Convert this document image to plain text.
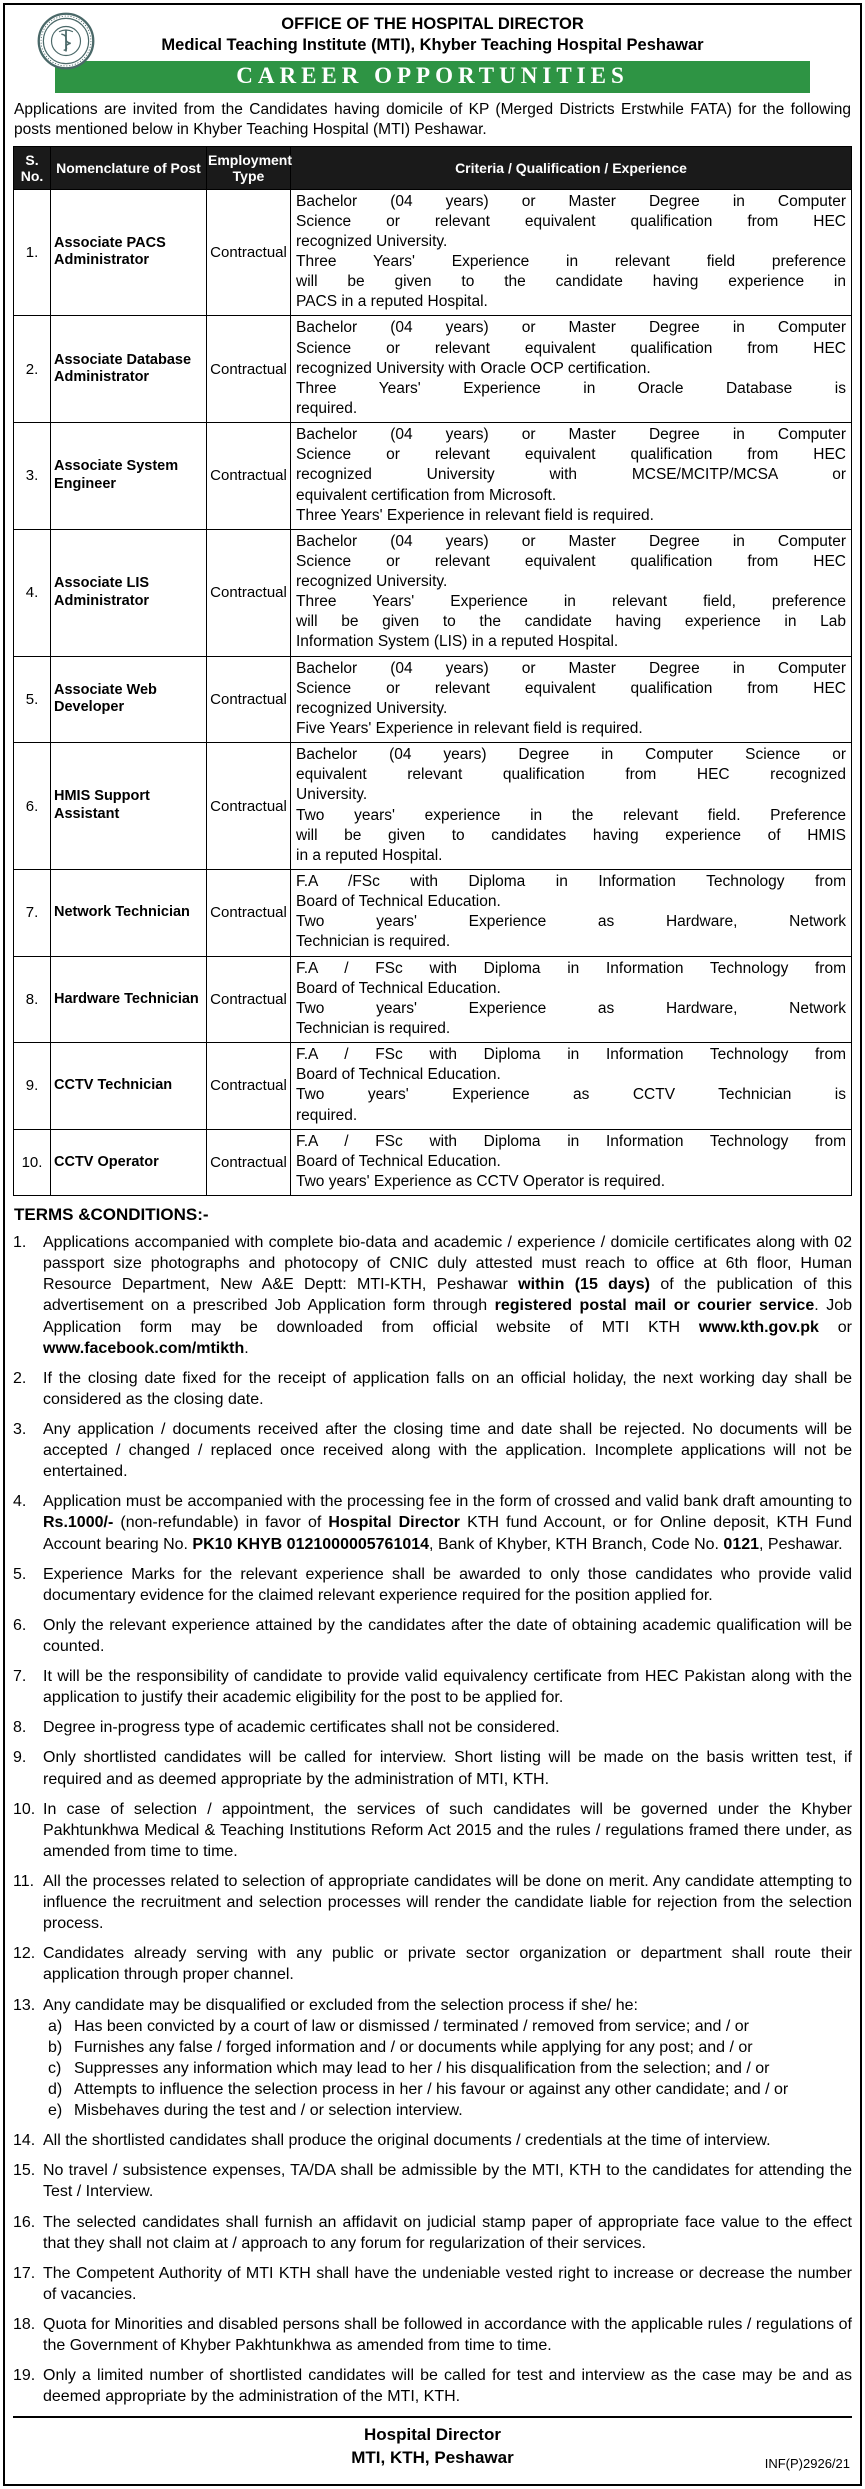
OFFICE OF THE HOSPITAL DIRECTOR
Medical Teaching Institute (MTI), Khyber Teaching Hospital Peshawar
CAREER OPPORTUNITIES

Applications are invited from the Candidates having domicile of KP (Merged Districts Erstwhile FATA) for the following posts mentioned below in Khyber Teaching Hospital (MTI) Peshawar.

S. No.	Nomenclature of Post	Employment Type	Criteria / Qualification / Experience
1.	Associate PACS Administrator	Contractual	
Bachelor (04 years) or Master Degree in Computer
Science or relevant equivalent qualification from HEC
recognized University.
Three Years' Experience in relevant field preference
will be given to the candidate having experience in
PACS in a reputed Hospital.

2.	Associate Database Administrator	Contractual	Bachelor (04 years) or Master Degree in Computer
Science or relevant equivalent qualification from HEC
recognized University with Oracle OCP certification.
Three Years' Experience in Oracle Database is
required.

3.	Associate System Engineer	Contractual	Bachelor (04 years) or Master Degree in Computer
Science or relevant equivalent qualification from HEC
recognized University with MCSE/MCITP/MCSA or
equivalent certification from Microsoft.
Three Years' Experience in relevant field is required.

4.	Associate LIS Administrator	Contractual	
Bachelor (04 years) or Master Degree in Computer
Science or relevant equivalent qualification from HEC
recognized University.
Three Years' Experience in relevant field, preference
will be given to the candidate having experience in Lab
Information System (LIS) in a reputed Hospital.

5.	Associate Web Developer	Contractual	Bachelor (04 years) or Master Degree in Computer
Science or relevant equivalent qualification from HEC
recognized University.
Five Years' Experience in relevant field is required.

6.	HMIS Support Assistant	Contractual	
Bachelor (04 years) Degree in Computer Science or
equivalent relevant qualification from HEC recognized
University.
Two years' experience in the relevant field. Preference
will be given to candidates having experience of HMIS
in a reputed Hospital.

7.	Network Technician	Contractual	F.A /FSc with Diploma in Information Technology from
Board of Technical Education.
Two years' Experience as Hardware, Network
Technician is required.

8.	Hardware Technician	Contractual	F.A / FSc with Diploma in Information Technology from
Board of Technical Education.
Two years' Experience as Hardware, Network
Technician is required.

9.	CCTV Technician	Contractual	F.A / FSc with Diploma in Information Technology from
Board of Technical Education.
Two years' Experience as CCTV Technician is
required.

10.	CCTV Operator	Contractual	F.A / FSc with Diploma in Information Technology from
Board of Technical Education.
Two years' Experience as CCTV Operator is required.
TERMS &CONDITIONS:-
1.	Applications accompanied with complete bio-data and academic / experience / domicile certificates along with 02 passport size photographs and photocopy of CNIC duly attested must reach to office at 6th floor, Human Resource Department, New A&E Deptt: MTI-KTH, Peshawar within (15 days) of the publication of this advertisement on a prescribed Job Application form through registered postal mail or courier service. Job Application form may be downloaded from official website of MTI KTH www.kth.gov.pk or www.facebook.com/mtikth.
2.	If the closing date fixed for the receipt of application falls on an official holiday, the next working day shall be considered as the closing date.
3.	Any application / documents received after the closing time and date shall be rejected. No documents will be accepted / changed / replaced once received along with the application. Incomplete applications will not be entertained.
4.	Application must be accompanied with the processing fee in the form of crossed and valid bank draft amounting to Rs.1000/- (non-refundable) in favor of Hospital Director KTH fund Account, or for Online deposit, KTH Fund Account bearing No. PK10 KHYB 0121000005761014, Bank of Khyber, KTH Branch, Code No. 0121, Peshawar.
5.	Experience Marks for the relevant experience shall be awarded to only those candidates who provide valid documentary evidence for the claimed relevant experience required for the position applied for.
6.	Only the relevant experience attained by the candidates after the date of obtaining academic qualification will be counted.
7.	It will be the responsibility of candidate to provide valid equivalency certificate from HEC Pakistan along with the application to justify their academic eligibility for the post to be applied for.
8.	Degree in-progress type of academic certificates shall not be considered.
9.	Only shortlisted candidates will be called for interview. Short listing will be made on the basis written test, if required and as deemed appropriate by the administration of MTI, KTH.
10. In case of selection / appointment, the services of such candidates will be governed under the Khyber Pakhtunkhwa Medical & Teaching Institutions Reform Act 2015 and the rules / regulations framed there under, as amended from time to time.
11. All the processes related to selection of appropriate candidates will be done on merit. Any candidate attempting to influence the recruitment and selection processes will render the candidate liable for rejection from the selection process.
12. Candidates already serving with any public or private sector organization or department shall route their application through proper channel.
13. Any candidate may be disqualified or excluded from the selection process if she/ he:
a) Has been convicted by a court of law or dismissed / terminated / removed from service; and / or
b) Furnishes any false / forged information and / or documents while applying for any post; and / or
c) Suppresses any information which may lead to her / his disqualification from the selection; and / or
d) Attempts to influence the selection process in her / his favour or against any other candidate; and / or
e) Misbehaves during the test and / or selection interview.
14. All the shortlisted candidates shall produce the original documents / credentials at the time of interview.
15. No travel / subsistence expenses, TA/DA shall be admissible by the MTI, KTH to the candidates for attending the Test / Interview.
16. The selected candidates shall furnish an affidavit on judicial stamp paper of appropriate face value to the effect that they shall not claim at / approach to any forum for regularization of their services.
17. The Competent Authority of MTI KTH shall have the undeniable vested right to increase or decrease the number of vacancies.
18. Quota for Minorities and disabled persons shall be followed in accordance with the applicable rules / regulations of the Government of Khyber Pakhtunkhwa as amended from time to time.
19. Only a limited number of shortlisted candidates will be called for test and interview as the case may be and as deemed appropriate by the administration of the MTI, KTH.
Hospital Director
MTI, KTH, Peshawar	INF(P)2926/21
